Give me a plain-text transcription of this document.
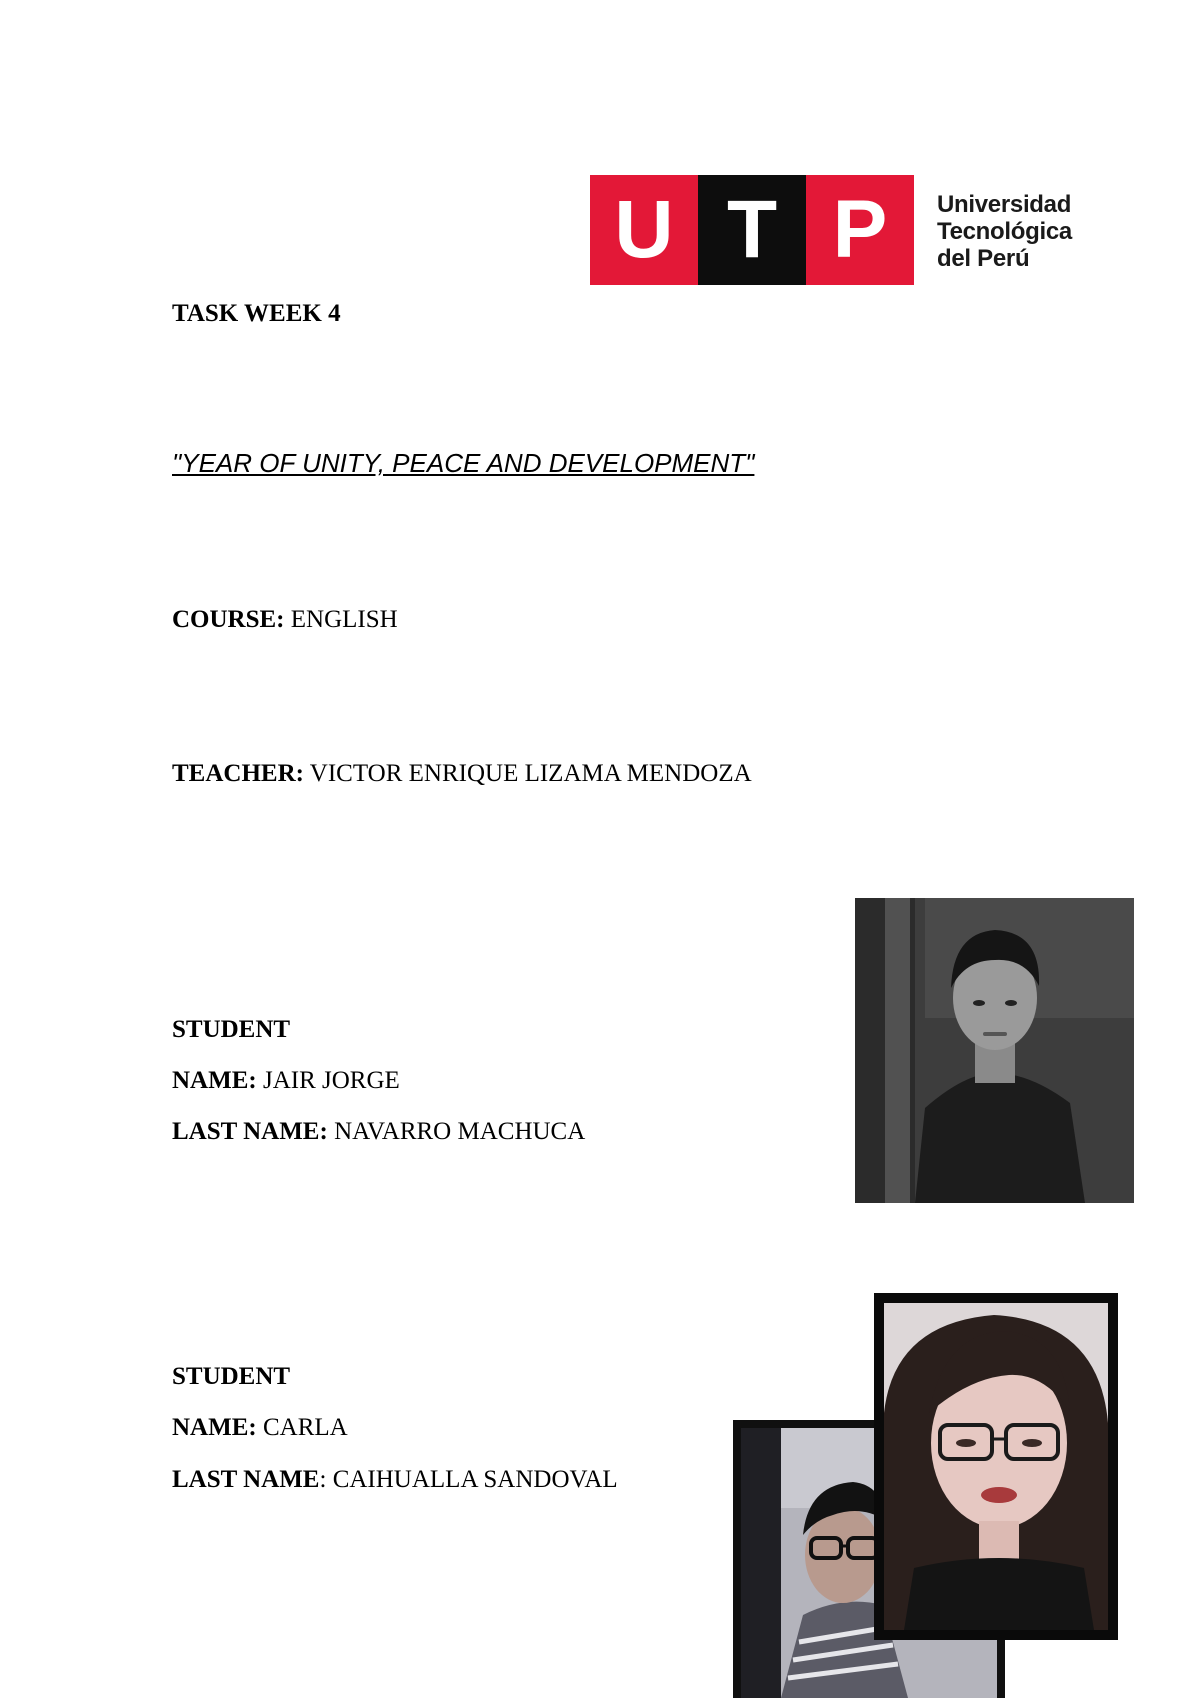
U T P Universidad
Tecnológica
del Perú
TASK WEEK 4
"YEAR OF UNITY, PEACE AND DEVELOPMENT"
COURSE: ENGLISH
TEACHER: VICTOR ENRIQUE LIZAMA MENDOZA
STUDENT
NAME: JAIR JORGE
LAST NAME: NAVARRO MACHUCA
STUDENT
NAME: CARLA
LAST NAME: CAIHUALLA SANDOVAL
